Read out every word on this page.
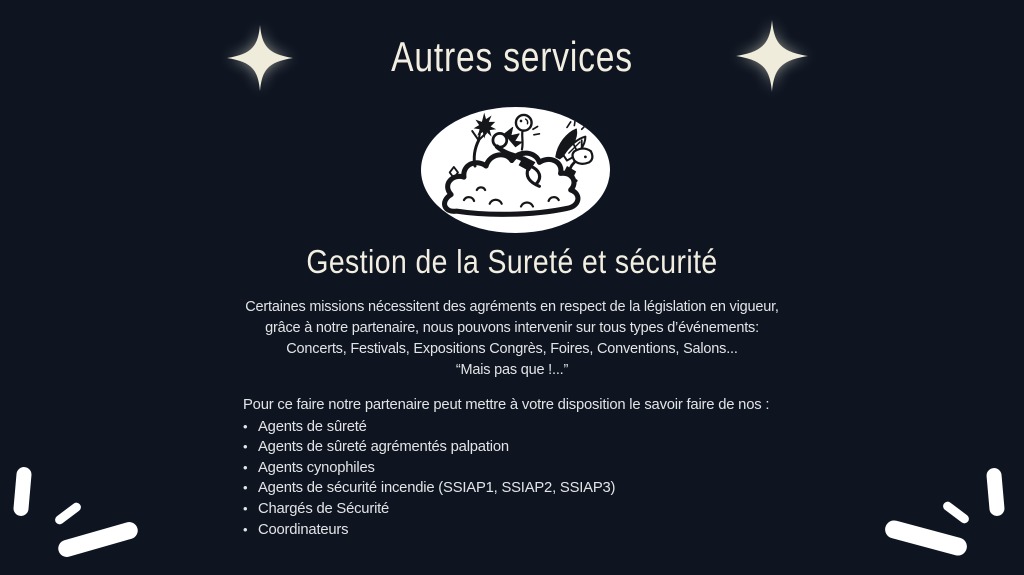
Autres services
Gestion de la Sureté et sécurité
Certaines missions nécessitent des agréments en respect de la législation en vigueur,
grâce à notre partenaire, nous pouvons intervenir sur tous types d’événements:
Concerts, Festivals, Expositions Congrès, Foires, Conventions, Salons...
“Mais pas que !...”

Pour ce faire notre partenaire peut mettre à votre disposition le savoir faire de nos :

• Agents de sûreté
• Agents de sûreté agrémentés palpation
• Agents cynophiles
• Agents de sécurité incendie (SSIAP1, SSIAP2, SSIAP3)
• Chargés de Sécurité
• Coordinateurs
